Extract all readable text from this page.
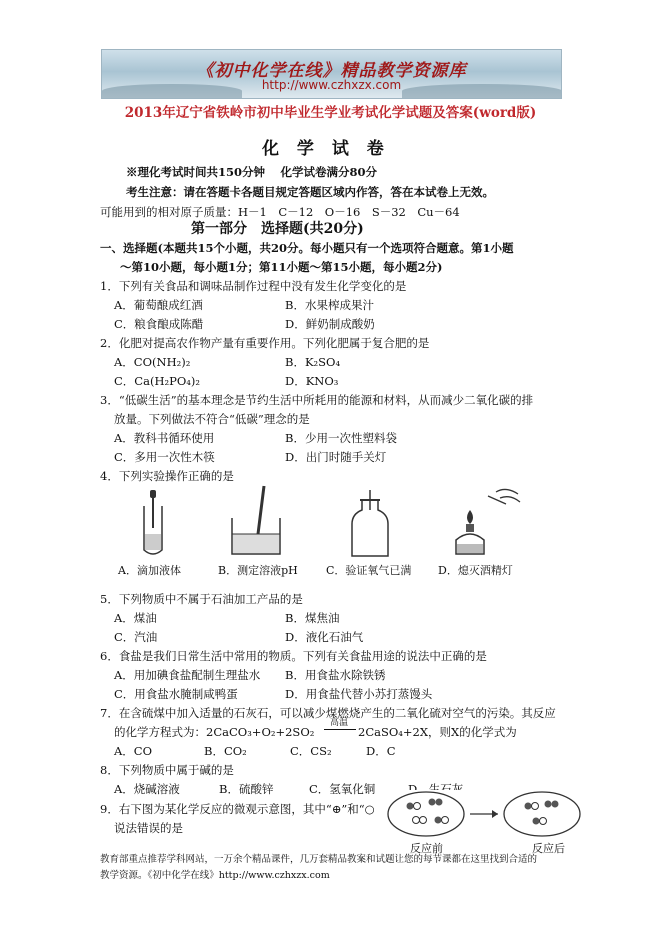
《初中化学在线》精品教学资源库
http://www.czhxzx.com
2013年辽宁省铁岭市初中毕业生学业考试化学试题及答案(word版)
化 学 试 卷
※理化考试时间共150分钟 　化学试卷满分80分
考生注意：请在答题卡各题目规定答题区域内作答，答在本试卷上无效。
可能用到的相对原子质量：H－1　C－12　O－16　S－32　Cu－64
第一部分　选择题(共20分)
一、选择题(本题共15个小题，共20分。每小题只有一个选项符合题意。第1小题
～第10小题，每小题1分；第11小题～第15小题，每小题2分)
1．下列有关食品和调味品制作过程中没有发生化学变化的是
A．葡萄酿成红酒	B．水果榨成果汁
C．粮食酿成陈醋	D．鲜奶制成酸奶
2．化肥对提高农作物产量有重要作用。下列化肥属于复合肥的是
A．CO(NH₂)₂	B．K₂SO₄
C．Ca(H₂PO₄)₂	D．KNO₃
3．“低碳生活”的基本理念是节约生活中所耗用的能源和材料，从而减少二氧化碳的排
放量。下列做法不符合“低碳”理念的是
A．教科书循环使用	B．少用一次性塑料袋
C．多用一次性木筷	D．出门时随手关灯
4．下列实验操作正确的是
A．滴加液体	B．测定溶液pH	C．验证氧气已满 D．熄灭酒精灯
5．下列物质中不属于石油加工产品的是
A．煤油	B．煤焦油
C．汽油	D．液化石油气
6．食盐是我们日常生活中常用的物质。下列有关食盐用途的说法中正确的是
A．用加碘食盐配制生理盐水 B．用食盐水除铁锈
C．用食盐水腌制咸鸭蛋	D．用食盐代替小苏打蒸馒头
7．在含硫煤中加入适量的石灰石，可以减少煤燃烧产生的二氧化硫对空气的污染。其反应
的化学方程式为：2CaCO₃+O₂+2SO₂
高温
2CaSO₄+2X，则X的化学式为
A．CO	B．CO₂	C．CS₂	D．C
8．下列物质中属于碱的是
A．烧碱溶液	B．硫酸锌	C．氢氧化铜	D．生石灰
9．右下图为某化学反应的微观示意图，其中“⊕”和“○
说法错误的是
反应前	反应后
教育部重点推荐学科网站，一万余个精品课件，几万套精品教案和试题让您的每节课都在这里找到合适的
教学资源。《初中化学在线》http://www.czhxzx.com
